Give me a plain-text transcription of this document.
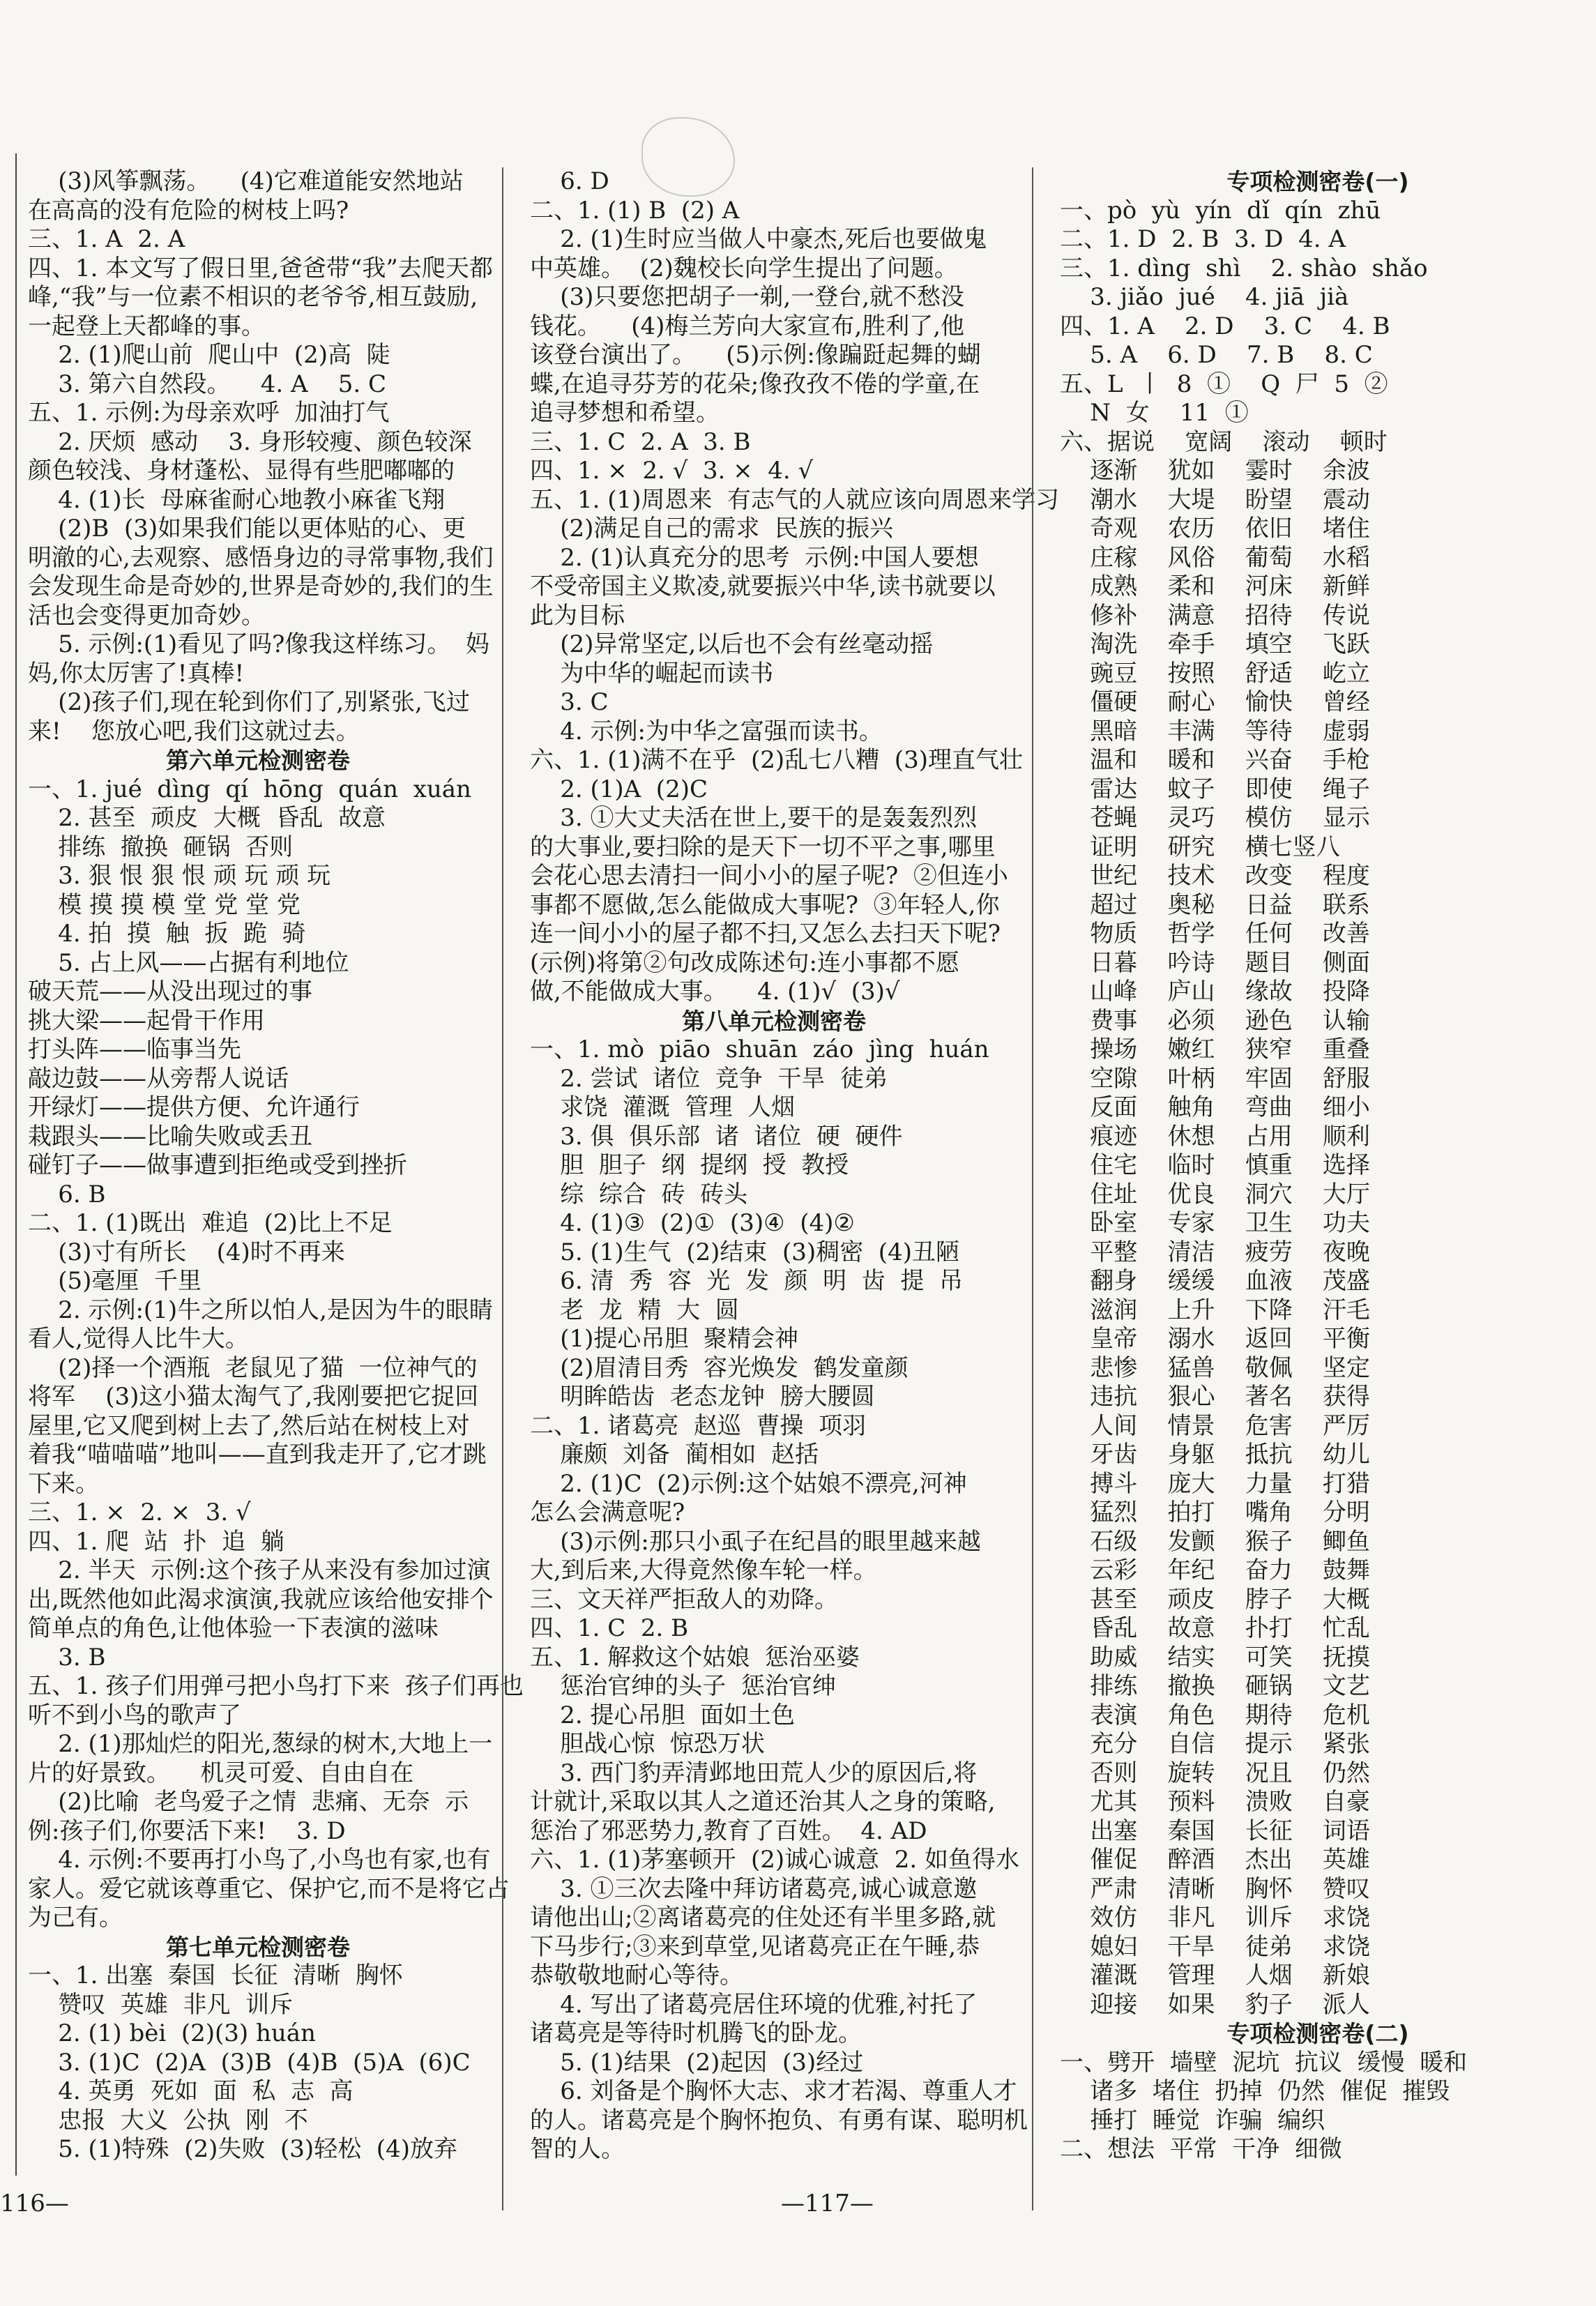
(3)风筝飘荡。    (4)它难道能安然地站
在高高的没有危险的树枝上吗?
三、1. A  2. A
四、1. 本文写了假日里,爸爸带“我”去爬天都
峰,“我”与一位素不相识的老爷爷,相互鼓励,
一起登上天都峰的事。
2. (1)爬山前  爬山中  (2)高  陡
3. 第六自然段。    4. A    5. C
五、1. 示例:为母亲欢呼  加油打气
2. 厌烦  感动    3. 身形较瘦、颜色较深
颜色较浅、身材蓬松、显得有些肥嘟嘟的
4. (1)长  母麻雀耐心地教小麻雀飞翔
(2)B  (3)如果我们能以更体贴的心、更
明澈的心,去观察、感悟身边的寻常事物,我们
会发现生命是奇妙的,世界是奇妙的,我们的生
活也会变得更加奇妙。
5. 示例:(1)看见了吗?像我这样练习。  妈
妈,你太厉害了!真棒!
(2)孩子们,现在轮到你们了,别紧张,飞过
来!    您放心吧,我们这就过去。
第六单元检测密卷
一、1. jué  dìng  qí  hōng  quán  xuán
2. 甚至  顽皮  大概  昏乱  故意
排练  撤换  砸锅  否则
3. 狠 恨 狠 恨 顽 玩 顽 玩
模 摸 摸 模 堂 党 堂 党
4. 拍  摸  触  扳  跪  骑
5. 占上风——占据有利地位
破天荒——从没出现过的事
挑大梁——起骨干作用
打头阵——临事当先
敲边鼓——从旁帮人说话
开绿灯——提供方便、允许通行
栽跟头——比喻失败或丢丑
碰钉子——做事遭到拒绝或受到挫折
6. B
二、1. (1)既出  难追  (2)比上不足
(3)寸有所长    (4)时不再来
(5)毫厘  千里
2. 示例:(1)牛之所以怕人,是因为牛的眼睛
看人,觉得人比牛大。
(2)择一个酒瓶  老鼠见了猫  一位神气的
将军    (3)这小猫太淘气了,我刚要把它捉回
屋里,它又爬到树上去了,然后站在树枝上对
着我“喵喵喵”地叫——直到我走开了,它才跳
下来。
三、1. ×  2. ×  3. √
四、1. 爬  站  扑  追  躺
2. 半天  示例:这个孩子从来没有参加过演
出,既然他如此渴求演演,我就应该给他安排个
简单点的角色,让他体验一下表演的滋味
3. B
五、1. 孩子们用弹弓把小鸟打下来  孩子们再也
听不到小鸟的歌声了
2. (1)那灿烂的阳光,葱绿的树木,大地上一
片的好景致。    机灵可爱、自由自在
(2)比喻  老鸟爱子之情  悲痛、无奈  示
例:孩子们,你要活下来!    3. D
4. 示例:不要再打小鸟了,小鸟也有家,也有
家人。爱它就该尊重它、保护它,而不是将它占
为己有。
第七单元检测密卷
一、1. 出塞  秦国  长征  清晰  胸怀
赞叹  英雄  非凡  训斥
2. (1) bèi  (2)(3) huán
3. (1)C  (2)A  (3)B  (4)B  (5)A  (6)C
4. 英勇  死如  面  私  志  高
忠报  大义  公执  刚  不
5. (1)特殊  (2)失败  (3)轻松  (4)放弃
6. D
二、1. (1) B  (2) A
2. (1)生时应当做人中豪杰,死后也要做鬼
中英雄。  (2)魏校长向学生提出了问题。
(3)只要您把胡子一剃,一登台,就不愁没
钱花。    (4)梅兰芳向大家宣布,胜利了,他
该登台演出了。    (5)示例:像蹁跹起舞的蝴
蝶,在追寻芬芳的花朵;像孜孜不倦的学童,在
追寻梦想和希望。
三、1. C  2. A  3. B
四、1. ×  2. √  3. ×  4. √
五、1. (1)周恩来  有志气的人就应该向周恩来学习
(2)满足自己的需求  民族的振兴
2. (1)认真充分的思考  示例:中国人要想
不受帝国主义欺凌,就要振兴中华,读书就要以
此为目标
(2)异常坚定,以后也不会有丝毫动摇
为中华的崛起而读书
3. C
4. 示例:为中华之富强而读书。
六、1. (1)满不在乎  (2)乱七八糟  (3)理直气壮
2. (1)A  (2)C
3. ①大丈夫活在世上,要干的是轰轰烈烈
的大事业,要扫除的是天下一切不平之事,哪里
会花心思去清扫一间小小的屋子呢?  ②但连小
事都不愿做,怎么能做成大事呢?  ③年轻人,你
连一间小小的屋子都不扫,又怎么去扫天下呢?
(示例)将第②句改成陈述句:连小事都不愿
做,不能做成大事。    4. (1)√  (3)√
第八单元检测密卷
一、1. mò  piāo  shuān  záo  jìng  huán
2. 尝试  诸位  竞争  干旱  徒弟
求饶  灌溉  管理  人烟
3. 俱  俱乐部  诸  诸位  硬  硬件
胆  胆子  纲  提纲  授  教授
综  综合  砖  砖头
4. (1)③  (2)①  (3)④  (4)②
5. (1)生气  (2)结束  (3)稠密  (4)丑陋
6. 清  秀  容  光  发  颜  明  齿  提  吊
老  龙  精  大  圆
(1)提心吊胆  聚精会神
(2)眉清目秀  容光焕发  鹤发童颜
明眸皓齿  老态龙钟  膀大腰圆
二、1. 诸葛亮  赵巡  曹操  项羽
廉颇  刘备  蔺相如  赵括
2. (1)C  (2)示例:这个姑娘不漂亮,河神
怎么会满意呢?
(3)示例:那只小虱子在纪昌的眼里越来越
大,到后来,大得竟然像车轮一样。
三、文天祥严拒敌人的劝降。
四、1. C  2. B
五、1. 解救这个姑娘  惩治巫婆
惩治官绅的头子  惩治官绅
2. 提心吊胆  面如土色
胆战心惊  惊恐万状
3. 西门豹弄清邺地田荒人少的原因后,将
计就计,采取以其人之道还治其人之身的策略,
惩治了邪恶势力,教育了百姓。  4. AD
六、1. (1)茅塞顿开  (2)诚心诚意  2. 如鱼得水
3. ①三次去隆中拜访诸葛亮,诚心诚意邀
请他出山;②离诸葛亮的住处还有半里多路,就
下马步行;③来到草堂,见诸葛亮正在午睡,恭
恭敬敬地耐心等待。
4. 写出了诸葛亮居住环境的优雅,衬托了
诸葛亮是等待时机腾飞的卧龙。
5. (1)结果  (2)起因  (3)经过
6. 刘备是个胸怀大志、求才若渴、尊重人才
的人。诸葛亮是个胸怀抱负、有勇有谋、聪明机
智的人。
专项检测密卷(一)
一、pò  yù  yín  dǐ  qín  zhū
二、1. D  2. B  3. D  4. A
三、1. dìng  shì    2. shào  shǎo
3. jiǎo  jué    4. jiā  jià
四、1. A    2. D    3. C    4. B
5. A    6. D    7. B    8. C
五、L  丨  8  ①    Q  尸  5  ②
N  女    11  ①
六、据说    宽阔    滚动    顿时
逐渐    犹如    霎时    余波
潮水    大堤    盼望    震动
奇观    农历    依旧    堵住
庄稼    风俗    葡萄    水稻
成熟    柔和    河床    新鲜
修补    满意    招待    传说
淘洗    牵手    填空    飞跃
豌豆    按照    舒适    屹立
僵硬    耐心    愉快    曾经
黑暗    丰满    等待    虚弱
温和    暖和    兴奋    手枪
雷达    蚊子    即使    绳子
苍蝇    灵巧    模仿    显示
证明    研究    横七竖八
世纪    技术    改变    程度
超过    奥秘    日益    联系
物质    哲学    任何    改善
日暮    吟诗    题目    侧面
山峰    庐山    缘故    投降
费事    必须    逊色    认输
操场    嫩红    狭窄    重叠
空隙    叶柄    牢固    舒服
反面    触角    弯曲    细小
痕迹    休想    占用    顺利
住宅    临时    慎重    选择
住址    优良    洞穴    大厅
卧室    专家    卫生    功夫
平整    清洁    疲劳    夜晚
翻身    缓缓    血液    茂盛
滋润    上升    下降    汗毛
皇帝    溺水    返回    平衡
悲惨    猛兽    敬佩    坚定
违抗    狠心    著名    获得
人间    情景    危害    严厉
牙齿    身躯    抵抗    幼儿
搏斗    庞大    力量    打猎
猛烈    拍打    嘴角    分明
石级    发颤    猴子    鲫鱼
云彩    年纪    奋力    鼓舞
甚至    顽皮    脖子    大概
昏乱    故意    扑打    忙乱
助威    结实    可笑    抚摸
排练    撤换    砸锅    文艺
表演    角色    期待    危机
充分    自信    提示    紧张
否则    旋转    况且    仍然
尤其    预料    溃败    自豪
出塞    秦国    长征    词语
催促    醉酒    杰出    英雄
严肃    清晰    胸怀    赞叹
效仿    非凡    训斥    求饶
媳妇    干旱    徒弟    求饶
灌溉    管理    人烟    新娘
迎接    如果    豹子    派人
专项检测密卷(二)
一、劈开  墙壁  泥坑  抗议  缓慢  暖和
诸多  堵住  扔掉  仍然  催促  摧毁
捶打  睡觉  诈骗  编织
二、想法  平常  干净  细微
116—	—117—
